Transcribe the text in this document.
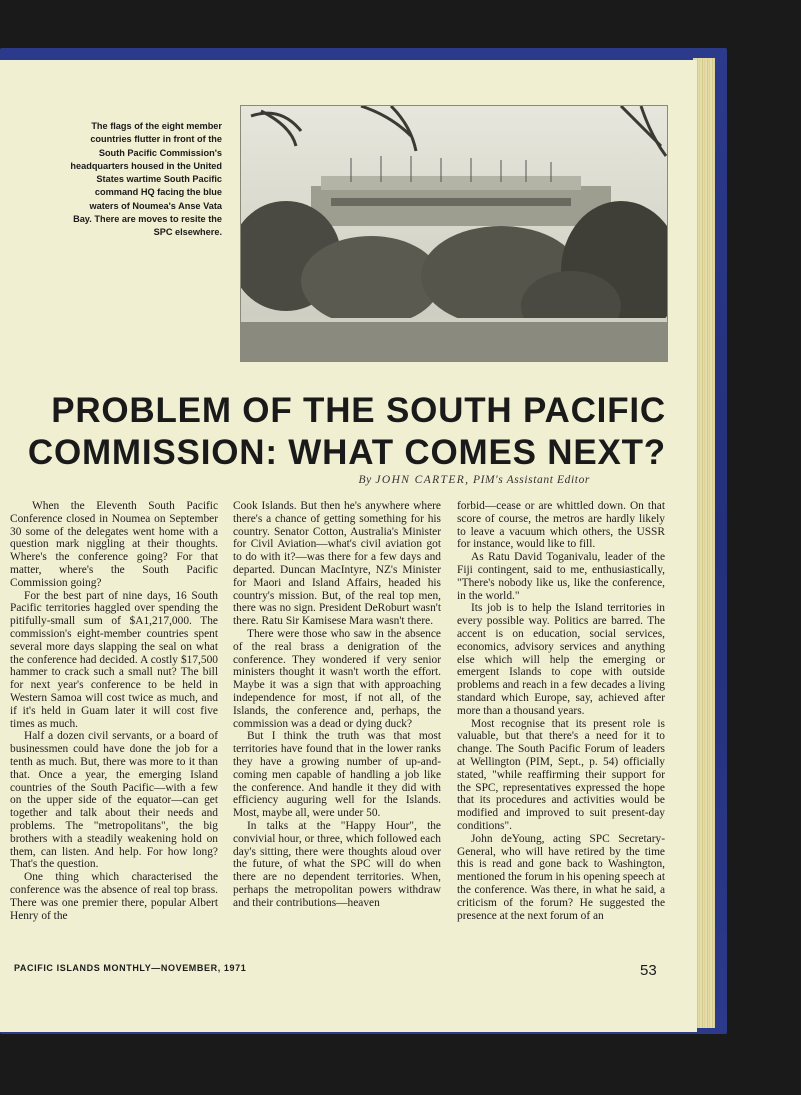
The flags of the eight member countries flutter in front of the South Pacific Commission's headquarters housed in the United States wartime South Pacific command HQ facing the blue waters of Noumea's Anse Vata Bay. There are moves to resite the SPC elsewhere.
PROBLEM OF THE SOUTH PACIFIC
COMMISSION: WHAT COMES NEXT?
By JOHN CARTER, PIM's Assistant Editor

When the Eleventh South Pacific Conference closed in Noumea on September 30 some of the delegates went home with a question mark niggling at their thoughts. Where's the conference going? For that matter, where's the South Pacific Commission going?

For the best part of nine days, 16 South Pacific territories haggled over spending the pitifully-small sum of $A1,217,000. The commission's eight-member countries spent several more days slapping the seal on what the conference had decided. A costly $17,500 hammer to crack such a small nut? The bill for next year's conference to be held in Western Samoa will cost twice as much, and if it's held in Guam later it will cost five times as much.

Half a dozen civil servants, or a board of businessmen could have done the job for a tenth as much. But, there was more to it than that. Once a year, the emerging Island countries of the South Pacific—with a few on the upper side of the equator—can get together and talk about their needs and problems. The "metropolitans", the big brothers with a steadily weakening hold on them, can listen. And help. For how long? That's the question.

One thing which characterised the conference was the absence of real top brass. There was one premier there, popular Albert Henry of the

Cook Islands. But then he's anywhere where there's a chance of getting something for his country. Senator Cotton, Australia's Minister for Civil Aviation—what's civil aviation got to do with it?—was there for a few days and departed. Duncan MacIntyre, NZ's Minister for Maori and Island Affairs, headed his country's mission. But, of the real top men, there was no sign. President DeRoburt wasn't there. Ratu Sir Kamisese Mara wasn't there.

There were those who saw in the absence of the real brass a denigration of the conference. They wondered if very senior ministers thought it wasn't worth the effort. Maybe it was a sign that with approaching independence for most, if not all, of the Islands, the conference and, perhaps, the commission was a dead or dying duck?

But I think the truth was that most territories have found that in the lower ranks they have a growing number of up-and-coming men capable of handling a job like the conference. And handle it they did with efficiency auguring well for the Islands. Most, maybe all, were under 50.

In talks at the "Happy Hour", the convivial hour, or three, which followed each day's sitting, there were thoughts aloud over the future, of what the SPC will do when there are no dependent territories. When, perhaps the metropolitan powers withdraw and their contributions—heaven

forbid—cease or are whittled down. On that score of course, the metros are hardly likely to leave a vacuum which others, the USSR for instance, would like to fill.

As Ratu David Toganivalu, leader of the Fiji contingent, said to me, enthusiastically, "There's nobody like us, like the conference, in the world."

Its job is to help the Island territories in every possible way. Politics are barred. The accent is on education, social services, economics, advisory services and anything else which will help the emerging or emergent Islands to cope with outside problems and reach in a few decades a living standard which Europe, say, achieved after more than a thousand years.

Most recognise that its present role is valuable, but that there's a need for it to change. The South Pacific Forum of leaders at Wellington (PIM, Sept., p. 54) officially stated, "while reaffirming their support for the SPC, representatives expressed the hope that its procedures and activities would be modified and improved to suit present-day conditions".

John deYoung, acting SPC Secretary-General, who will have retired by the time this is read and gone back to Washington, mentioned the forum in his opening speech at the conference. Was there, in what he said, a criticism of the forum? He suggested the presence at the next forum of an

PACIFIC ISLANDS MONTHLY—NOVEMBER, 1971	53
